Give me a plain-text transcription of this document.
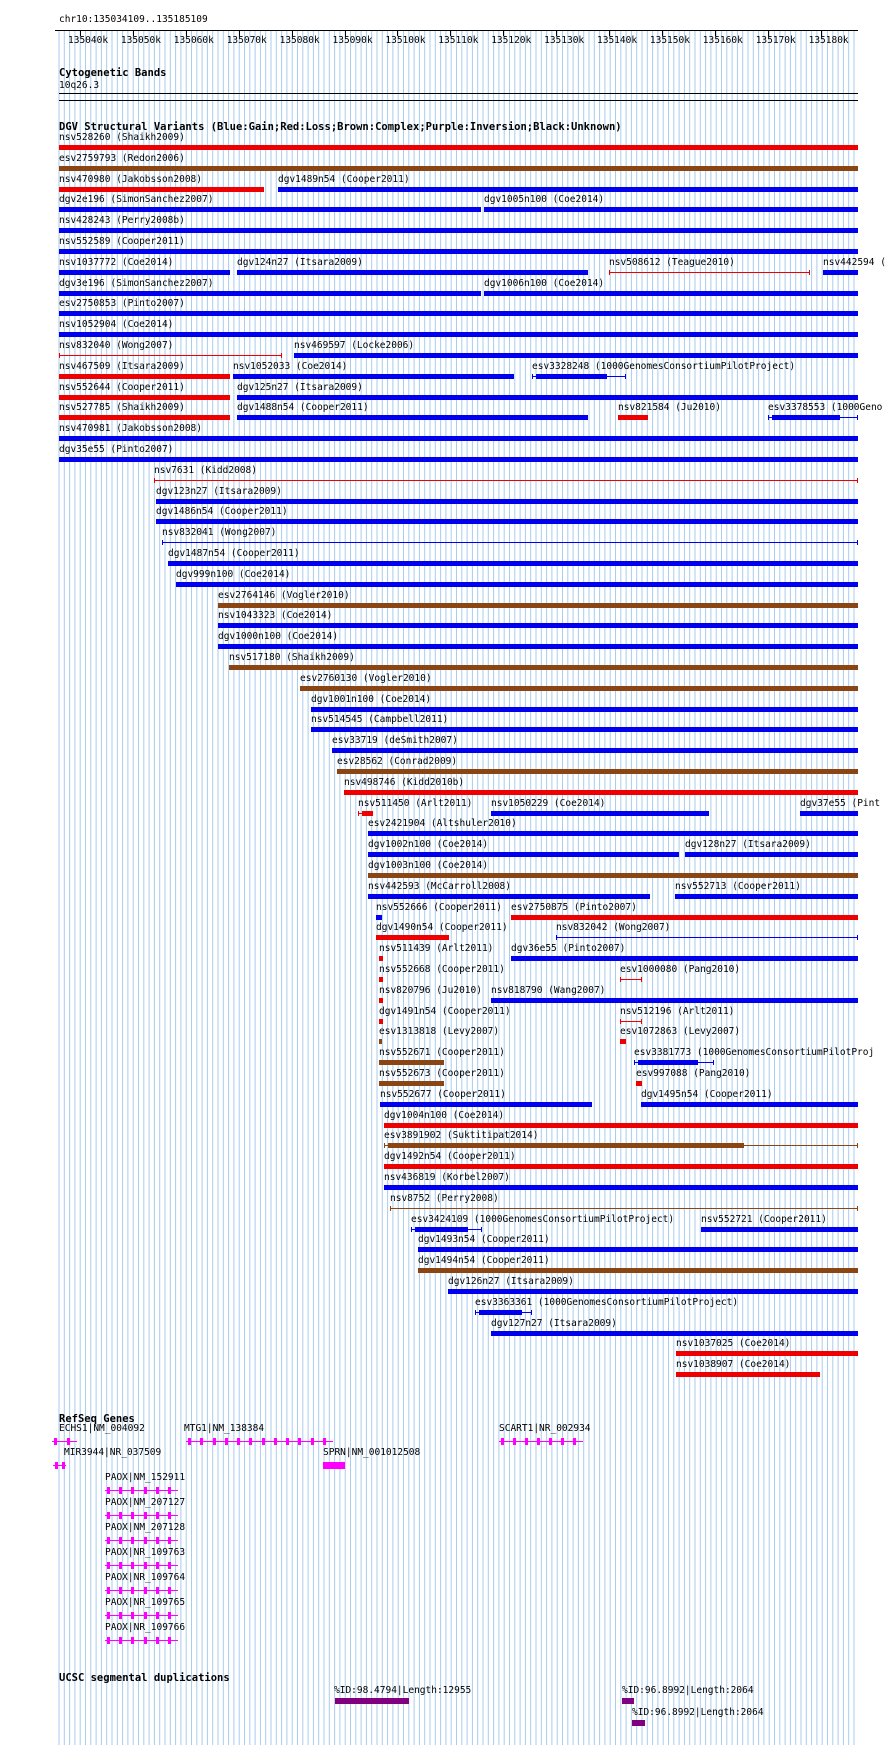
chr10:135034109..135185109
135040k 135050k 135060k 135070k 135080k 135090k 135100k 135110k 135120k 135130k 135140k 135150k 135160k 135170k 135180k
Cytogenetic Bands
10q26.3
DGV Structural Variants (Blue:Gain;Red:Loss;Brown:Complex;Purple:Inversion;Black:Unknown)
nsv528260 (Shaikh2009)
esv2759793 (Redon2006)
nsv470980 (Jakobsson2008)	dgv1489n54 (Cooper2011)
dgv2e196 (SimonSanchez2007)	dgv1005n100 (Coe2014)
nsv428243 (Perry2008b)
nsv552589 (Cooper2011)
nsv1037772 (Coe2014)	dgv124n27 (Itsara2009)	nsv508612 (Teague2010)	nsv442594 (
dgv3e196 (SimonSanchez2007)	dgv1006n100 (Coe2014)
esv2750853 (Pinto2007)
nsv1052904 (Coe2014)
nsv832040 (Wong2007)	nsv469597 (Locke2006)
nsv467509 (Itsara2009)	nsv1052033 (Coe2014)	esv3328248 (1000GenomesConsortiumPilotProject)
nsv552644 (Cooper2011)	dgv125n27 (Itsara2009)
nsv527785 (Shaikh2009)	dgv1488n54 (Cooper2011)	nsv821584 (Ju2010)	esv3378553 (1000Geno
nsv470981 (Jakobsson2008)
dgv35e55 (Pinto2007)
nsv7631 (Kidd2008)
dgv123n27 (Itsara2009)
dgv1486n54 (Cooper2011)
nsv832041 (Wong2007)
dgv1487n54 (Cooper2011)
dgv999n100 (Coe2014)
esv2764146 (Vogler2010)
nsv1043323 (Coe2014)
dgv1000n100 (Coe2014)
nsv517180 (Shaikh2009)
esv2760130 (Vogler2010)
dgv1001n100 (Coe2014)
nsv514545 (Campbell2011)
esv33719 (deSmith2007)
esv28562 (Conrad2009)
nsv498746 (Kidd2010b)
nsv511450 (Arlt2011) nsv1050229 (Coe2014)	dgv37e55 (Pint
esv2421904 (Altshuler2010)
dgv1002n100 (Coe2014)	dgv128n27 (Itsara2009)
dgv1003n100 (Coe2014)
nsv442593 (McCarroll2008)	nsv552713 (Cooper2011)
nsv552666 (Cooper2011) esv2750875 (Pinto2007)
dgv1490n54 (Cooper2011)	nsv832042 (Wong2007)
nsv511439 (Arlt2011) dgv36e55 (Pinto2007)
nsv552668 (Cooper2011)	esv1000080 (Pang2010)
nsv820796 (Ju2010) nsv818790 (Wang2007)
dgv1491n54 (Cooper2011)	nsv512196 (Arlt2011)
esv1313818 (Levy2007)	esv1072863 (Levy2007)
nsv552671 (Cooper2011)	esv3381773 (1000GenomesConsortiumPilotProj
nsv552673 (Cooper2011)	esv997088 (Pang2010)
nsv552677 (Cooper2011)	dgv1495n54 (Cooper2011)
dgv1004n100 (Coe2014)
esv3891902 (Suktitipat2014)
dgv1492n54 (Cooper2011)
nsv436819 (Korbel2007)
nsv8752 (Perry2008)
esv3424109 (1000GenomesConsortiumPilotProject)	nsv552721 (Cooper2011)
dgv1493n54 (Cooper2011)
dgv1494n54 (Cooper2011)
dgv126n27 (Itsara2009)
esv3363361 (1000GenomesConsortiumPilotProject)
dgv127n27 (Itsara2009)
nsv1037025 (Coe2014)
nsv1038907 (Coe2014)
RefSeq Genes
ECHS1|NM_004092	MTG1|NM_138384	SCART1|NR_002934
MIR3944|NR_037509	SPRN|NM_001012508
PAOX|NM_152911
PAOX|NM_207127
PAOX|NM_207128
PAOX|NR_109763
PAOX|NR_109764
PAOX|NR_109765
PAOX|NR_109766
UCSC segmental duplications
%ID:98.4794|Length:12955	%ID:96.8992|Length:2064
%ID:96.8992|Length:2064
